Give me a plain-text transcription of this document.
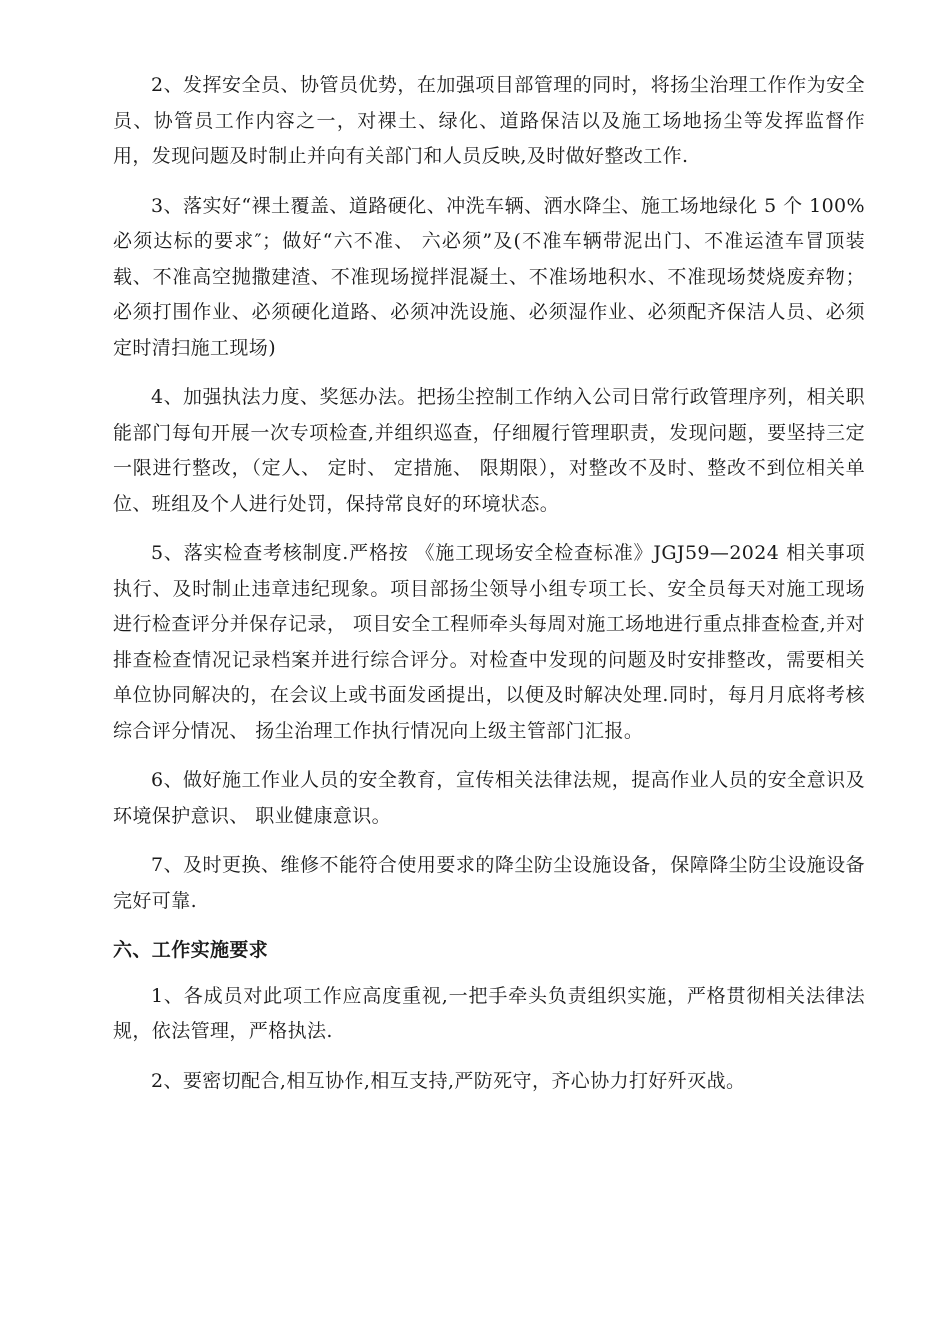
2、发挥安全员、协管员优势，在加强项目部管理的同时，将扬尘治理工作作为安全员、协管员工作内容之一，对裸土、绿化、道路保洁以及施工场地扬尘等发挥监督作用，发现问题及时制止并向有关部门和人员反映,及时做好整改工作.

3、落实好“裸土覆盖、道路硬化、冲洗车辆、洒水降尘、施工场地绿化 5 个 100%必须达标的要求″；做好“六不准、 六必须”及(不准车辆带泥出门、不准运渣车冒顶装载、不准高空抛撒建渣、不准现场搅拌混凝土、不准场地积水、不准现场焚烧废弃物；必须打围作业、必须硬化道路、必须冲洗设施、必须湿作业、必须配齐保洁人员、必须定时清扫施工现场)

4、加强执法力度、奖惩办法。把扬尘控制工作纳入公司日常行政管理序列，相关职能部门每旬开展一次专项检查,并组织巡查，仔细履行管理职责，发现问题，要坚持三定一限进行整改，（定人、 定时、 定措施、 限期限），对整改不及时、整改不到位相关单位、班组及个人进行处罚，保持常良好的环境状态。

5、落实检查考核制度.严格按 《施工现场安全检查标准》JGJ59—2024 相关事项执行、及时制止违章违纪现象。项目部扬尘领导小组专项工长、安全员每天对施工现场进行检查评分并保存记录， 项目安全工程师牵头每周对施工场地进行重点排查检查,并对排查检查情况记录档案并进行综合评分。对检查中发现的问题及时安排整改，需要相关单位协同解决的，在会议上或书面发函提出，以便及时解决处理.同时，每月月底将考核综合评分情况、 扬尘治理工作执行情况向上级主管部门汇报。

6、做好施工作业人员的安全教育，宣传相关法律法规，提高作业人员的安全意识及环境保护意识、 职业健康意识。

7、及时更换、维修不能符合使用要求的降尘防尘设施设备，保障降尘防尘设施设备完好可靠.

六、工作实施要求

1、各成员对此项工作应高度重视,一把手牵头负责组织实施，严格贯彻相关法律法规，依法管理，严格执法.

2、要密切配合,相互协作,相互支持,严防死守，齐心协力打好歼灭战。
